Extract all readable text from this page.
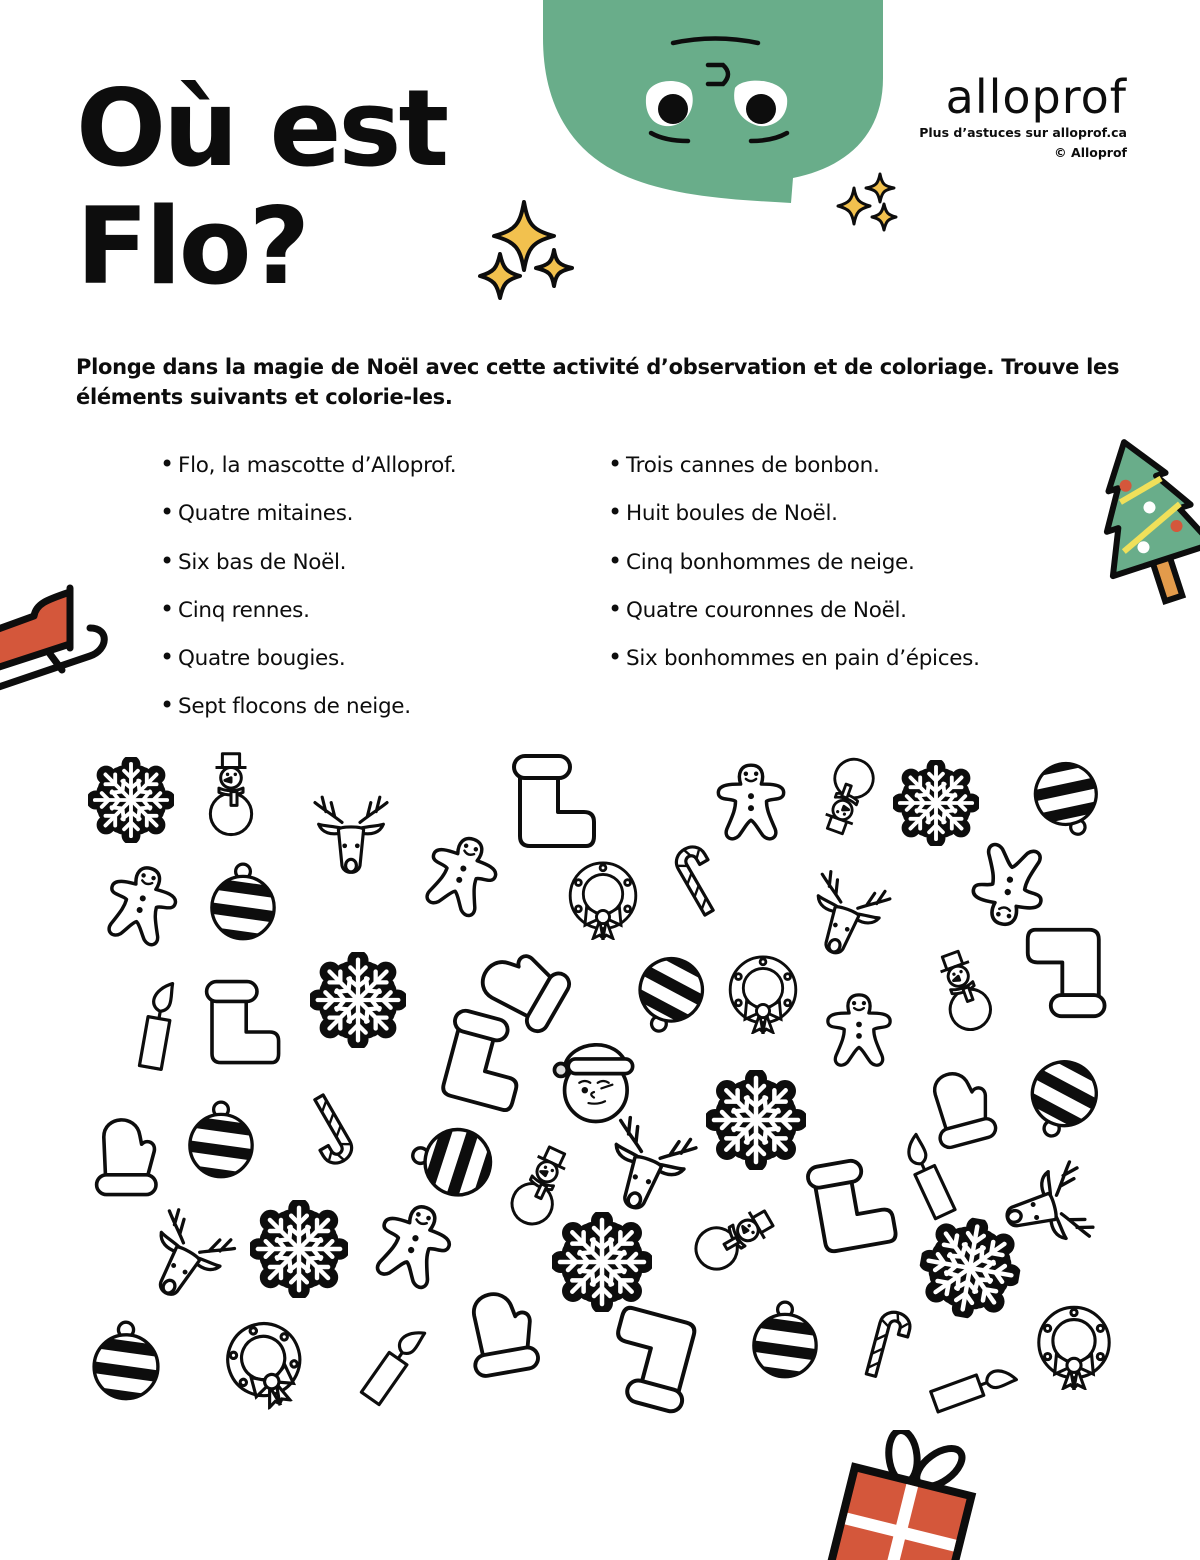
Où est
Flo?
alloprof
Plus d’astuces sur alloprof.ca
© Alloprof

Plonge dans la magie de Noël avec cette activité d’observation et de coloriage. Trouve les éléments suivants et colorie-les.

• Flo, la mascotte d’Alloprof.
• Quatre mitaines.
• Six bas de Noël.
• Cinq rennes.
• Quatre bougies.
• Sept flocons de neige.
• Trois cannes de bonbon.
• Huit boules de Noël.
• Cinq bonhommes de neige.
• Quatre couronnes de Noël.
• Six bonhommes en pain d’épices.
